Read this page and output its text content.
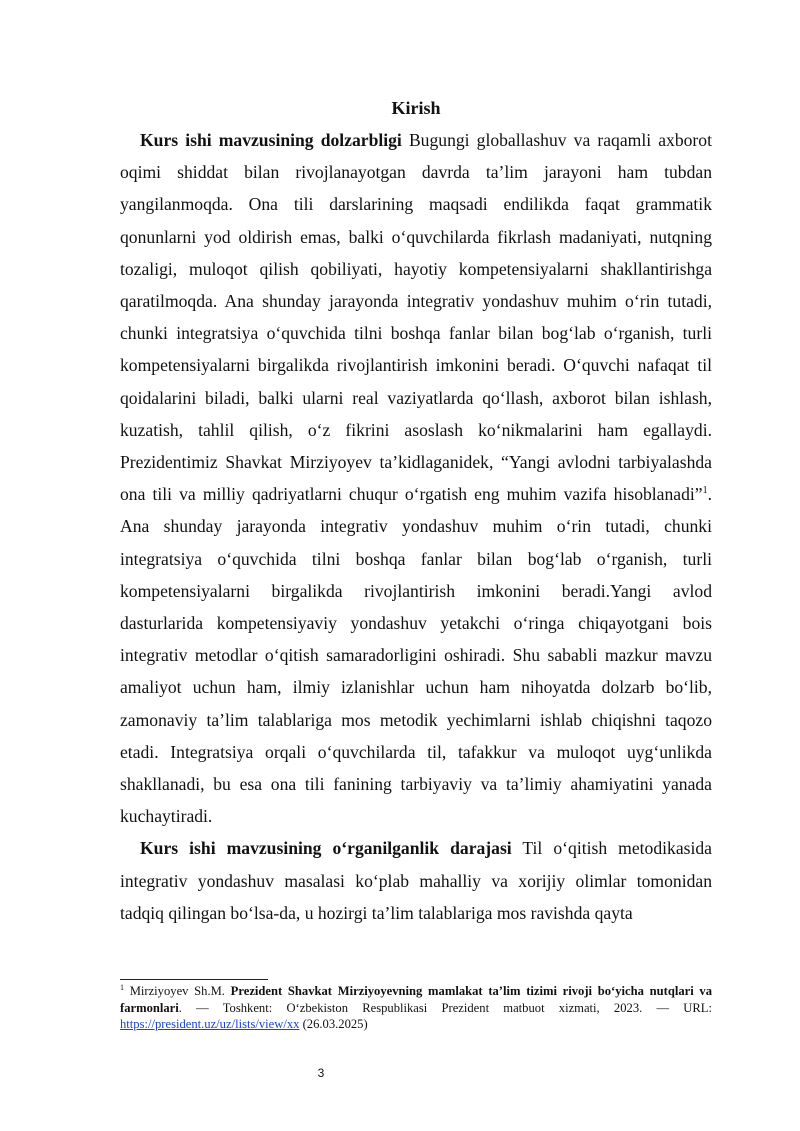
Kirish

Kurs ishi mavzusining dolzarbligi Bugungi globallashuv va raqamli axborot oqimi shiddat bilan rivojlanayotgan davrda ta’lim jarayoni ham tubdan yangilanmoqda. Ona tili darslarining maqsadi endilikda faqat grammatik qonunlarni yod oldirish emas, balki o‘quvchilarda fikrlash madaniyati, nutqning tozaligi, muloqot qilish qobiliyati, hayotiy kompetensiyalarni shakllantirishga qaratilmoqda. Ana shunday jarayonda integrativ yondashuv muhim o‘rin tutadi, chunki integratsiya o‘quvchida tilni boshqa fanlar bilan bog‘lab o‘rganish, turli kompetensiyalarni birgalikda rivojlantirish imkonini beradi. O‘quvchi nafaqat til qoidalarini biladi, balki ularni real vaziyatlarda qo‘llash, axborot bilan ishlash, kuzatish, tahlil qilish, o‘z fikrini asoslash ko‘nikmalarini ham egallaydi. Prezidentimiz Shavkat Mirziyoyev ta’kidlaganidek, “Yangi avlodni tarbiyalashda ona tili va milliy qadriyatlarni chuqur o‘rgatish eng muhim vazifa hisoblanadi”$^1$. Ana shunday jarayonda integrativ yondashuv muhim o‘rin tutadi, chunki integratsiya o‘quvchida tilni boshqa fanlar bilan bog‘lab o‘rganish, turli kompetensiyalarni birgalikda rivojlantirish imkonini beradi.Yangi avlod dasturlarida kompetensiyaviy yondashuv yetakchi o‘ringa chiqayotgani bois integrativ metodlar o‘qitish samaradorligini oshiradi. Shu sababli mazkur mavzu amaliyot uchun ham, ilmiy izlanishlar uchun ham nihoyatda dolzarb bo‘lib, zamonaviy ta’lim talablariga mos metodik yechimlarni ishlab chiqishni taqozo etadi. Integratsiya orqali o‘quvchilarda til, tafakkur va muloqot uyg‘unlikda shakllanadi, bu esa ona tili fanining tarbiyaviy va ta’limiy ahamiyatini yanada kuchaytiradi.

Kurs ishi mavzusining o‘rganilganlik darajasi Til o‘qitish metodikasida integrativ yondashuv masalasi ko‘plab mahalliy va xorijiy olimlar tomonidan tadqiq qilingan bo‘lsa-da, u hozirgi ta’lim talablariga mos ravishda qayta

$^1$ Mirziyoyev Sh.M. Prezident Shavkat Mirziyoyevning mamlakat ta’lim tizimi rivoji bo‘yicha nutqlari va farmonlari. — Toshkent: O‘zbekiston Respublikasi Prezident matbuot xizmati, 2023. — URL: https://president.uz/uz/lists/view/xx (26.03.2025)
3
